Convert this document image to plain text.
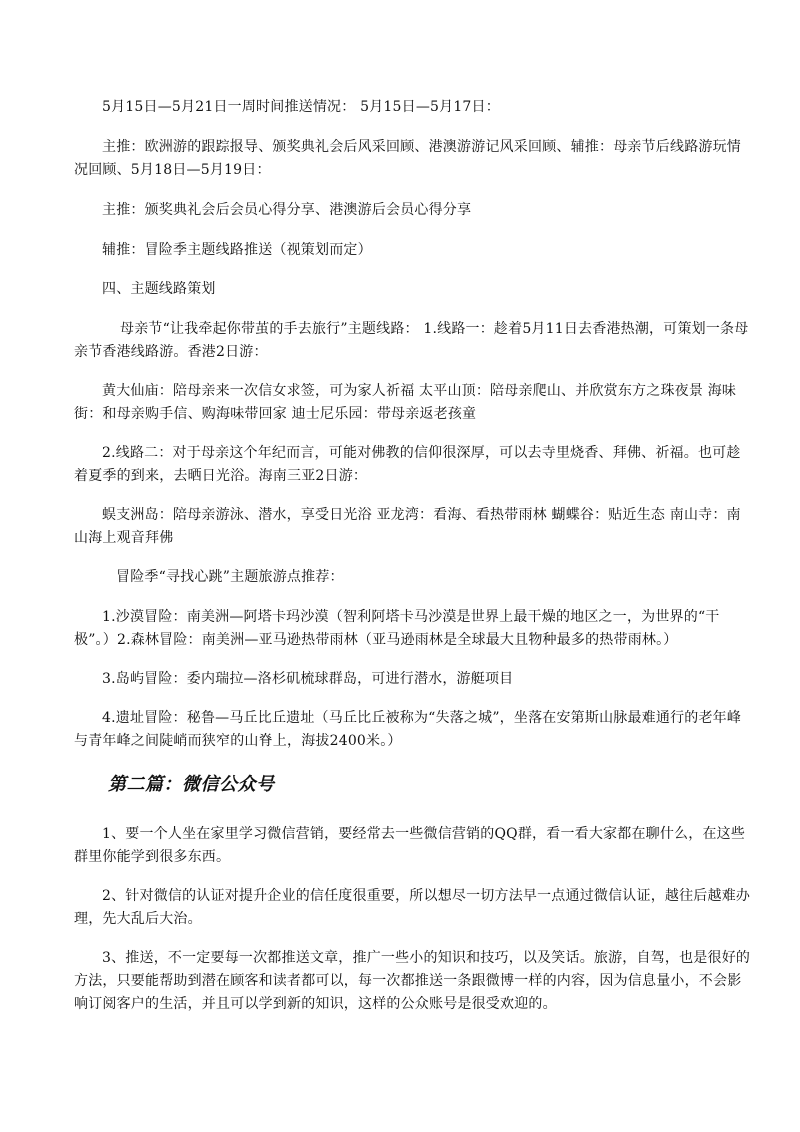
5月15日—5月21日一周时间推送情况： 5月15日—5月17日：

主推：欧洲游的跟踪报导、颁奖典礼会后风采回顾、港澳游游记风采回顾、辅推：母亲节后线路游玩情况回顾、5月18日—5月19日：

主推：颁奖典礼会后会员心得分享、港澳游后会员心得分享

辅推：冒险季主题线路推送（视策划而定）

四、主题线路策划

母亲节“让我牵起你带茧的手去旅行”主题线路： 1.线路一：趁着5月11日去香港热潮，可策划一条母亲节香港线路游。香港2日游：

黄大仙庙：陪母亲来一次信女求签，可为家人祈福 太平山顶：陪母亲爬山、并欣赏东方之珠夜景 海味街：和母亲购手信、购海味带回家 迪士尼乐园：带母亲返老孩童

2.线路二：对于母亲这个年纪而言，可能对佛教的信仰很深厚，可以去寺里烧香、拜佛、祈福。也可趁着夏季的到来，去晒日光浴。海南三亚2日游：

蜈支洲岛：陪母亲游泳、潜水，享受日光浴 亚龙湾：看海、看热带雨林 蝴蝶谷：贴近生态 南山寺：南山海上观音拜佛

冒险季“寻找心跳”主题旅游点推荐：

1.沙漠冒险：南美洲—阿塔卡玛沙漠（智利阿塔卡马沙漠是世界上最干燥的地区之一，为世界的“干极”。）2.森林冒险：南美洲—亚马逊热带雨林（亚马逊雨林是全球最大且物种最多的热带雨林。）

3.岛屿冒险：委内瑞拉—洛杉矶梳球群岛，可进行潜水，游艇项目

4.遗址冒险：秘鲁—马丘比丘遗址（马丘比丘被称为“失落之城”，坐落在安第斯山脉最难通行的老年峰与青年峰之间陡峭而狭窄的山脊上，海拔2400米。）

第二篇：微信公众号

1、要一个人坐在家里学习微信营销，要经常去一些微信营销的QQ群，看一看大家都在聊什么，在这些群里你能学到很多东西。

2、针对微信的认证对提升企业的信任度很重要，所以想尽一切方法早一点通过微信认证，越往后越难办理，先大乱后大治。

3、推送，不一定要每一次都推送文章，推广一些小的知识和技巧，以及笑话。旅游，自驾，也是很好的方法，只要能帮助到潜在顾客和读者都可以，每一次都推送一条跟微博一样的内容，因为信息量小，不会影响订阅客户的生活，并且可以学到新的知识，这样的公众账号是很受欢迎的。
